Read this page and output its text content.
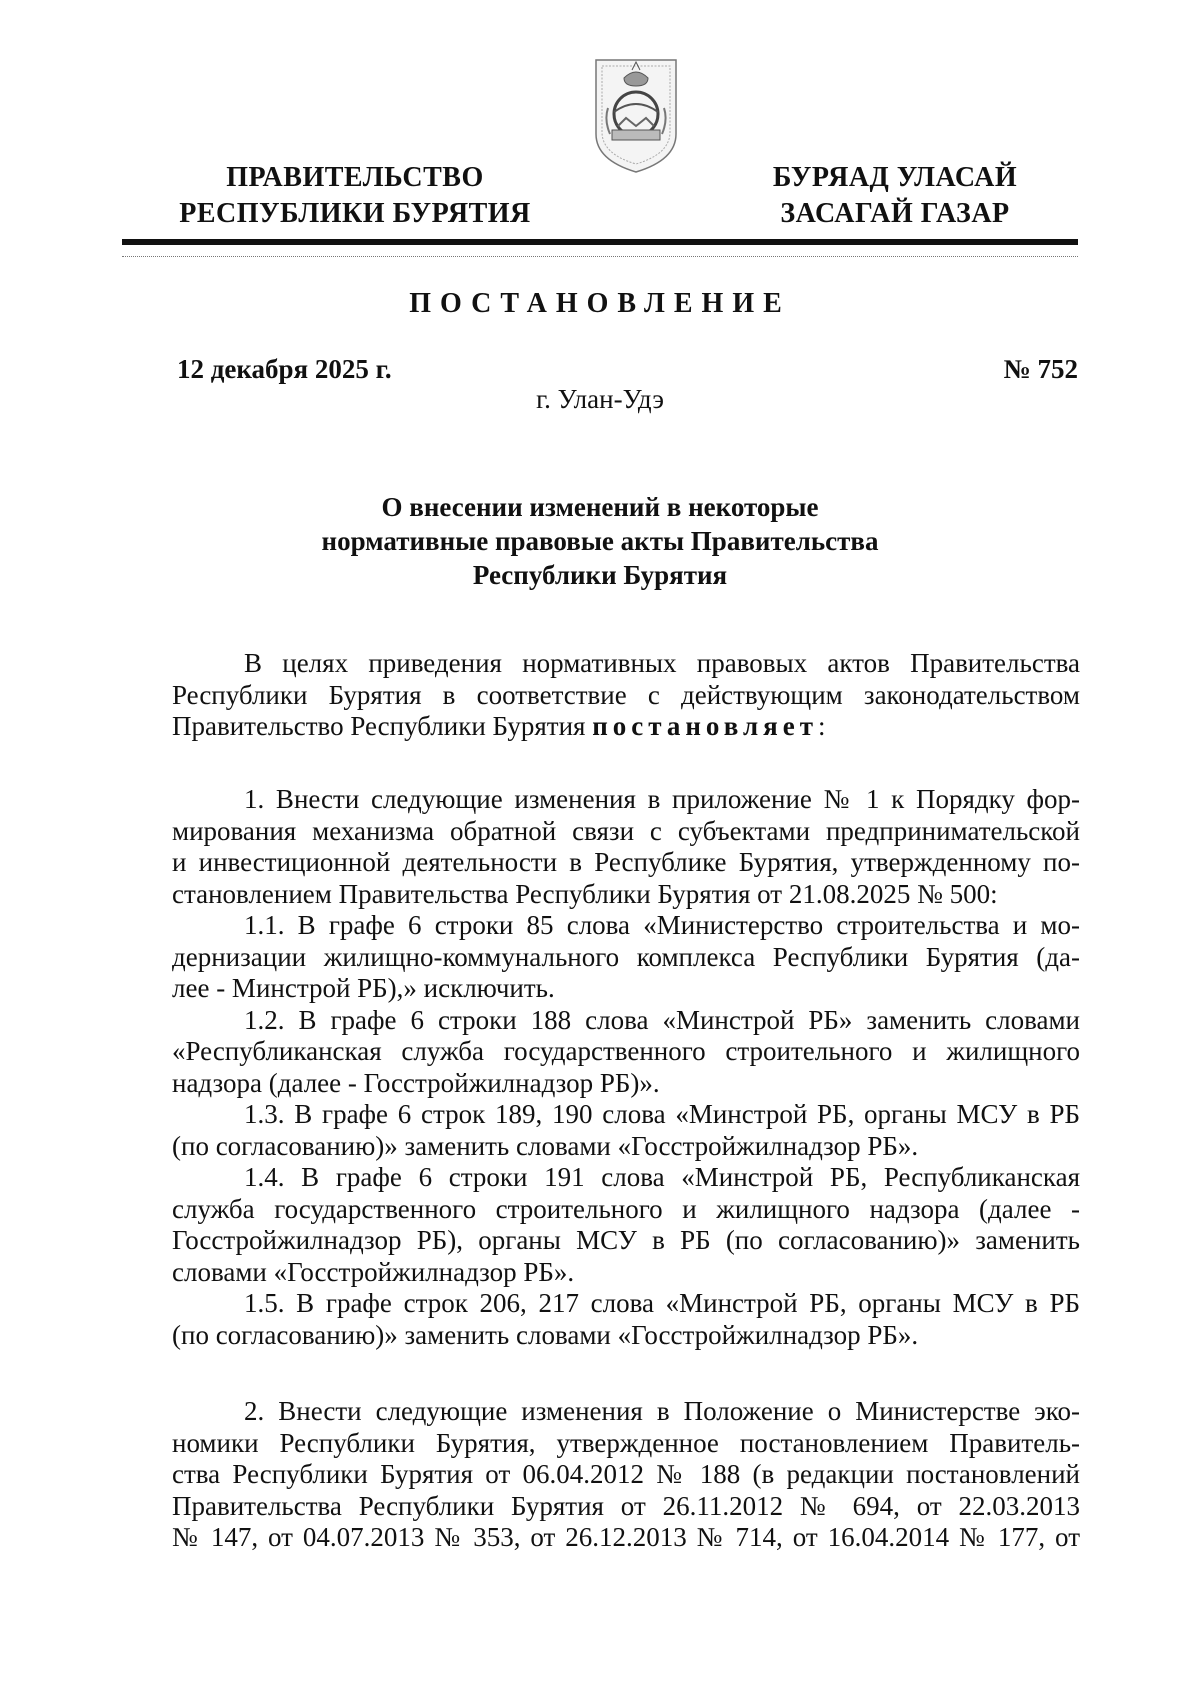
ПРАВИТЕЛЬСТВО
РЕСПУБЛИКИ БУРЯТИЯ
БУРЯАД УЛАСАЙ
ЗАСАГАЙ ГАЗАР
ПОСТАНОВЛЕНИЕ
12 декабря 2025 г.	№ 752
г. Улан-Удэ
О внесении изменений в некоторые
нормативные правовые акты Правительства
Республики Бурятия
В целях приведения нормативных правовых актов Правительства
Республики Бурятия в соответствие с действующим законодательством
Правительство Республики Бурятия постановляет:
1. Внести следующие изменения в приложение № 1 к Порядку фор-
мирования механизма обратной связи с субъектами предпринимательской
и инвестиционной деятельности в Республике Бурятия, утвержденному по-
становлением Правительства Республики Бурятия от 21.08.2025 № 500:
1.1. В графе 6 строки 85 слова «Министерство строительства и мо-
дернизации жилищно-коммунального комплекса Республики Бурятия (да-
лее - Минстрой РБ),» исключить.
1.2. В графе 6 строки 188 слова «Минстрой РБ» заменить словами
«Республиканская служба государственного строительного и жилищного
надзора (далее - Госстройжилнадзор РБ)».
1.3. В графе 6 строк 189, 190 слова «Минстрой РБ, органы МСУ в РБ
(по согласованию)» заменить словами «Госстройжилнадзор РБ».
1.4. В графе 6 строки 191 слова «Минстрой РБ, Республиканская
служба государственного строительного и жилищного надзора (далее -
Госстройжилнадзор РБ), органы МСУ в РБ (по согласованию)» заменить
словами «Госстройжилнадзор РБ».
1.5. В графе строк 206, 217 слова «Минстрой РБ, органы МСУ в РБ
(по согласованию)» заменить словами «Госстройжилнадзор РБ».
2. Внести следующие изменения в Положение о Министерстве эко-
номики Республики Бурятия, утвержденное постановлением Правитель-
ства Республики Бурятия от 06.04.2012 № 188 (в редакции постановлений
Правительства Республики Бурятия от 26.11.2012 № 694, от 22.03.2013
№ 147, от 04.07.2013 № 353, от 26.12.2013 № 714, от 16.04.2014 № 177, от
